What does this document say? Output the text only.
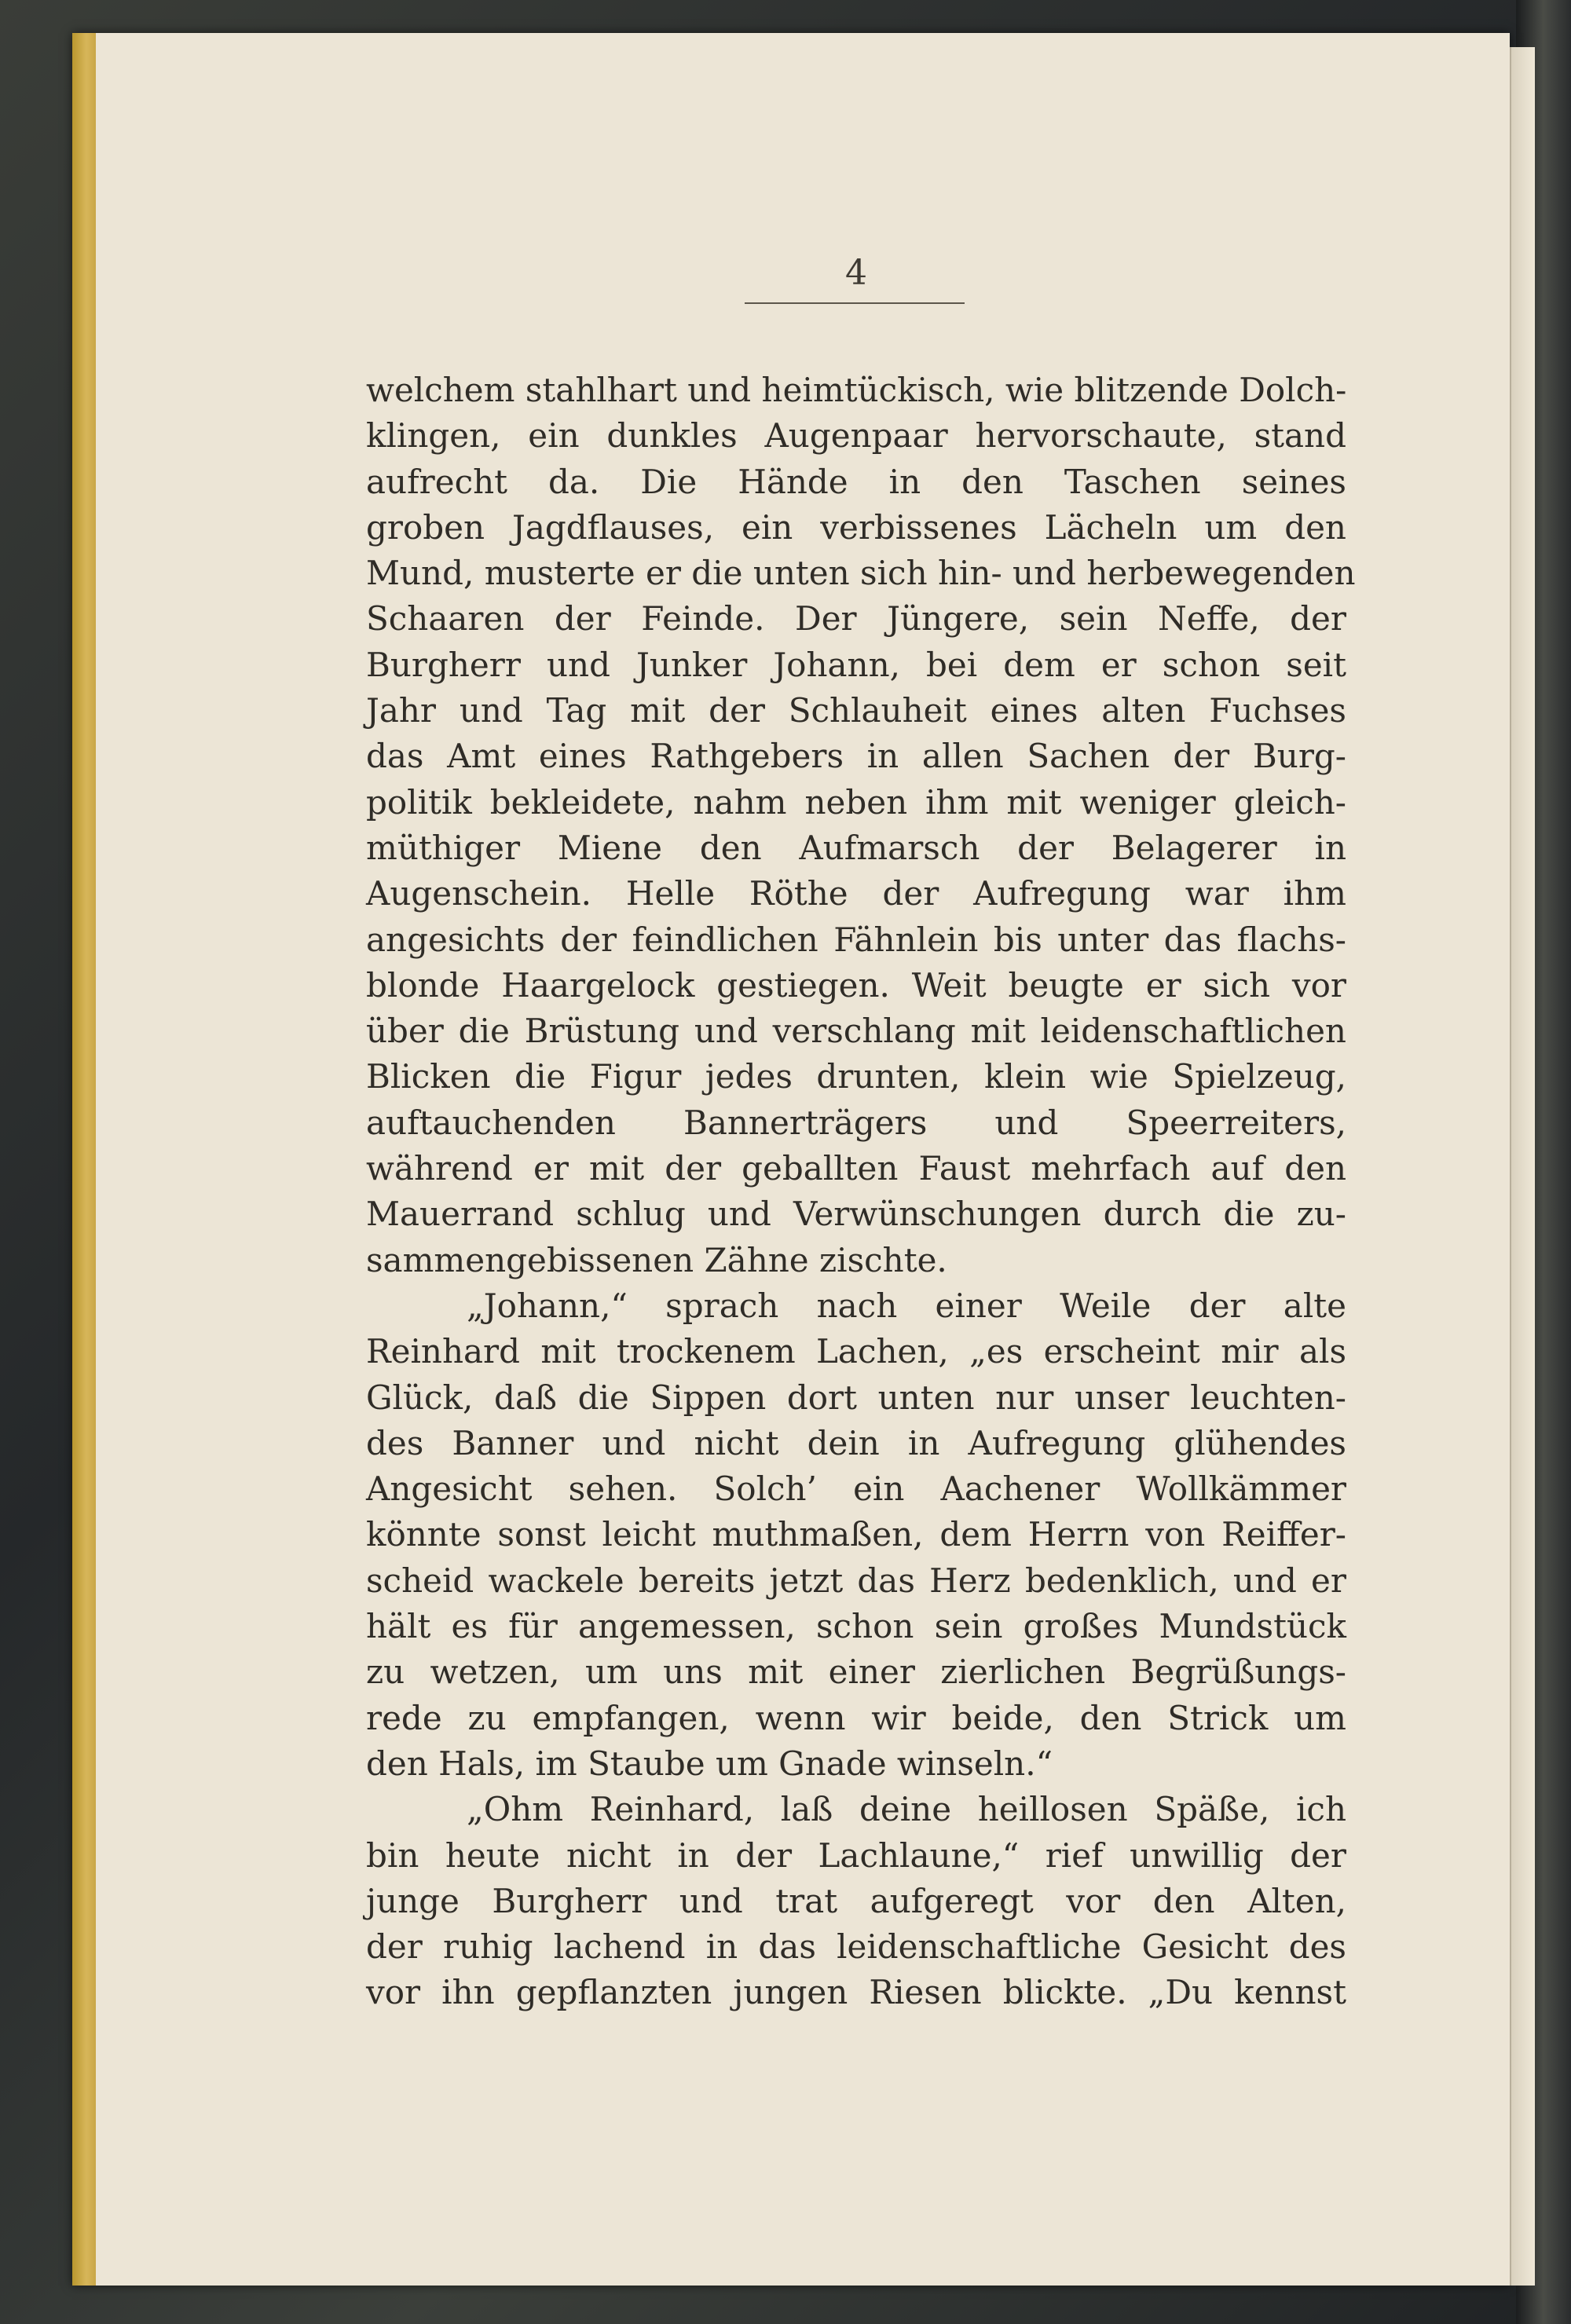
4
welchem stahlhart und heimtückisch, wie blitzende Dolch-
klingen, ein dunkles Augenpaar hervorschaute, stand
aufrecht da. Die Hände in den Taschen seines
groben Jagdflauses, ein verbissenes Lächeln um den
Mund, musterte er die unten sich hin- und herbewegenden
Schaaren der Feinde. Der Jüngere, sein Neffe, der
Burgherr und Junker Johann, bei dem er schon seit
Jahr und Tag mit der Schlauheit eines alten Fuchses
das Amt eines Rathgebers in allen Sachen der Burg-
politik bekleidete, nahm neben ihm mit weniger gleich-
müthiger Miene den Aufmarsch der Belagerer in
Augenschein. Helle Röthe der Aufregung war ihm
angesichts der feindlichen Fähnlein bis unter das flachs-
blonde Haargelock gestiegen. Weit beugte er sich vor
über die Brüstung und verschlang mit leidenschaftlichen
Blicken die Figur jedes drunten, klein wie Spielzeug,
auftauchenden Bannerträgers und Speerreiters,
während er mit der geballten Faust mehrfach auf den
Mauerrand schlug und Verwünschungen durch die zu-
sammengebissenen Zähne zischte.
„Johann,“ sprach nach einer Weile der alte
Reinhard mit trockenem Lachen, „es erscheint mir als
Glück, daß die Sippen dort unten nur unser leuchten-
des Banner und nicht dein in Aufregung glühendes
Angesicht sehen. Solch’ ein Aachener Wollkämmer
könnte sonst leicht muthmaßen, dem Herrn von Reiffer-
scheid wackele bereits jetzt das Herz bedenklich, und er
hält es für angemessen, schon sein großes Mundstück
zu wetzen, um uns mit einer zierlichen Begrüßungs-
rede zu empfangen, wenn wir beide, den Strick um
den Hals, im Staube um Gnade winseln.“
„Ohm Reinhard, laß deine heillosen Späße, ich
bin heute nicht in der Lachlaune,“ rief unwillig der
junge Burgherr und trat aufgeregt vor den Alten,
der ruhig lachend in das leidenschaftliche Gesicht des
vor ihn gepflanzten jungen Riesen blickte. „Du kennst
